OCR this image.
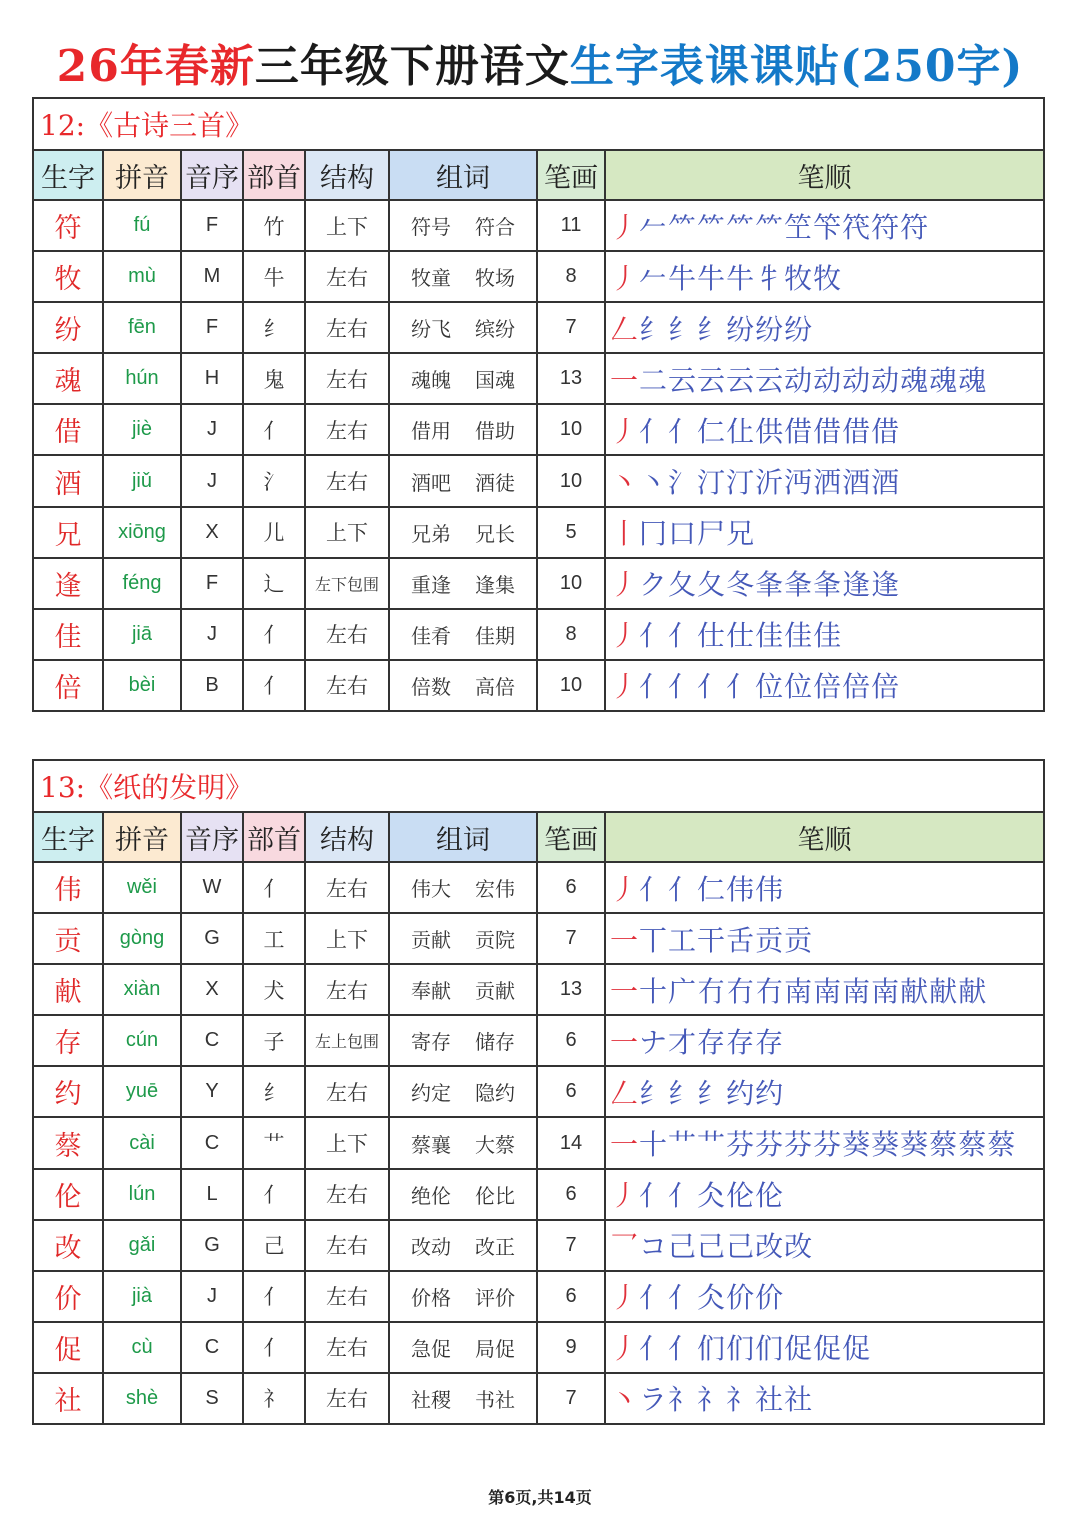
26年春新三年级下册语文生字表课课贴(250字)
12:《古诗三首》							
生字	拼音	音序	部首	结构	组词	笔画	笔顺
符	fú	F	竹	上下	符号 符合	11	丿𠂉⺮⺮⺮⺮笁笇笩符符
牧	mù	M	牛	左右	牧童 牧场	8	丿𠂉牛牛牛牜牧牧
纷	fēn	F	纟	左右	纷飞 缤纷	7	𠃋纟纟纟纷纷纷
魂	hún	H	鬼	左右	魂魄 国魂	13	一二云云云云动动动动魂魂魂
借	jiè	J	亻	左右	借用 借助	10	丿亻亻仁仩供借借借借
酒	jiǔ	J	氵	左右	酒吧 酒徒	10	丶丶氵汀汀沂沔洒酒酒
兄	xiōng	X	儿	上下	兄弟 兄长	5	丨冂口尸兄
逢	féng	F	辶	左下包围	重逢 逢集	10	丿ク夂夂冬夆夆夆逢逢
佳	jiā	J	亻	左右	佳肴 佳期	8	丿亻亻仕仕佳佳佳
倍	bèi	B	亻	左右	倍数 高倍	10	丿亻亻亻亻位位倍倍倍
13:《纸的发明》							
生字	拼音	音序	部首	结构	组词	笔画	笔顺
伟	wěi	W	亻	左右	伟大 宏伟	6	丿亻亻仁伟伟
贡	gòng	G	工	上下	贡献 贡院	7	一丅工干舌贡贡
献	xiàn	X	犬	左右	奉献 贡献	13	一十广冇冇冇南南南南献献献
存	cún	C	子	左上包围	寄存 储存	6	一ナ才存存存
约	yuē	Y	纟	左右	约定 隐约	6	𠃋纟纟纟约约
蔡	cài	C	艹	上下	蔡襄 大蔡	14	一十艹艹芬芬芬芬葵葵葵蔡蔡蔡
伦	lún	L	亻	左右	绝伦 伦比	6	丿亻亻仌伦伦
改	gǎi	G	己	左右	改动 改正	7	乛コ己己己改改
价	jià	J	亻	左右	价格 评价	6	丿亻亻仌价价
促	cù	C	亻	左右	急促 局促	9	丿亻亻们们们促促促
社	shè	S	礻	左右	社稷 书社	7	丶ラ礻礻礻社社
第6页,共14页
